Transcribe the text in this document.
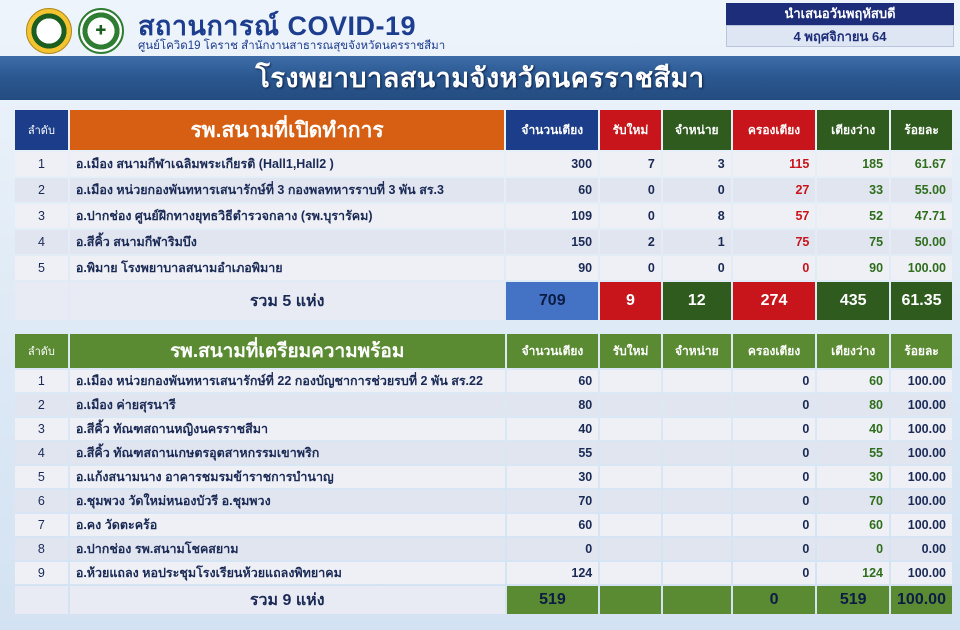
✚ สถานการณ์ COVID-19
ศูนย์โควิด19 โคราช สำนักงานสาธารณสุขจังหวัดนครราชสีมา
นำเสนอวันพฤหัสบดี
4 พฤศจิกายน 64
โรงพยาบาลสนามจังหวัดนครราชสีมา
ลำดับ	รพ.สนามที่เปิดทำการ	จำนวนเตียง	รับใหม่	จำหน่าย	ครองเตียง	เตียงว่าง	ร้อยละ
1	อ.เมือง สนามกีฬาเฉลิมพระเกียรติ (Hall1,Hall2 )	300	7	3	115	185	61.67
2	อ.เมือง หน่วยกองพันทหารเสนารักษ์ที่ 3 กองพลทหารราบที่ 3 พัน สร.3	60	0	0	27	33	55.00
3	อ.ปากช่อง ศูนย์ฝึกทางยุทธวิธีตำรวจกลาง (รพ.บุรารัคม)	109	0	8	57	52	47.71
4	อ.สีคิ้ว สนามกีฬาริมบึง	150	2	1	75	75	50.00
5	อ.พิมาย โรงพยาบาลสนามอำเภอพิมาย	90	0	0	0	90	100.00
	รวม 5 แห่ง	709	9	12	274	435	61.35
ลำดับ	รพ.สนามที่เตรียมความพร้อม	จำนวนเตียง	รับใหม่	จำหน่าย	ครองเตียง	เตียงว่าง	ร้อยละ
1	อ.เมือง หน่วยกองพันทหารเสนารักษ์ที่ 22 กองบัญชาการช่วยรบที่ 2 พัน สร.22	60			0	60	100.00
2	อ.เมือง ค่ายสุรนารี	80			0	80	100.00
3	อ.สีคิ้ว ทัณฑสถานหญิงนครราชสีมา	40			0	40	100.00
4	อ.สีคิ้ว ทัณฑสถานเกษตรอุตสาหกรรมเขาพริก	55			0	55	100.00
5	อ.แก้งสนามนาง อาคารชมรมข้าราชการบำนาญ	30			0	30	100.00
6	อ.ชุมพวง วัดใหม่หนองบัวรี อ.ชุมพวง	70			0	70	100.00
7	อ.คง วัดตะคร้อ	60			0	60	100.00
8	อ.ปากช่อง รพ.สนามโชคสยาม	0			0	0	0.00
9	อ.ห้วยแถลง หอประชุมโรงเรียนห้วยแถลงพิทยาคม	124			0	124	100.00
	รวม 9 แห่ง	519			0	519	100.00
